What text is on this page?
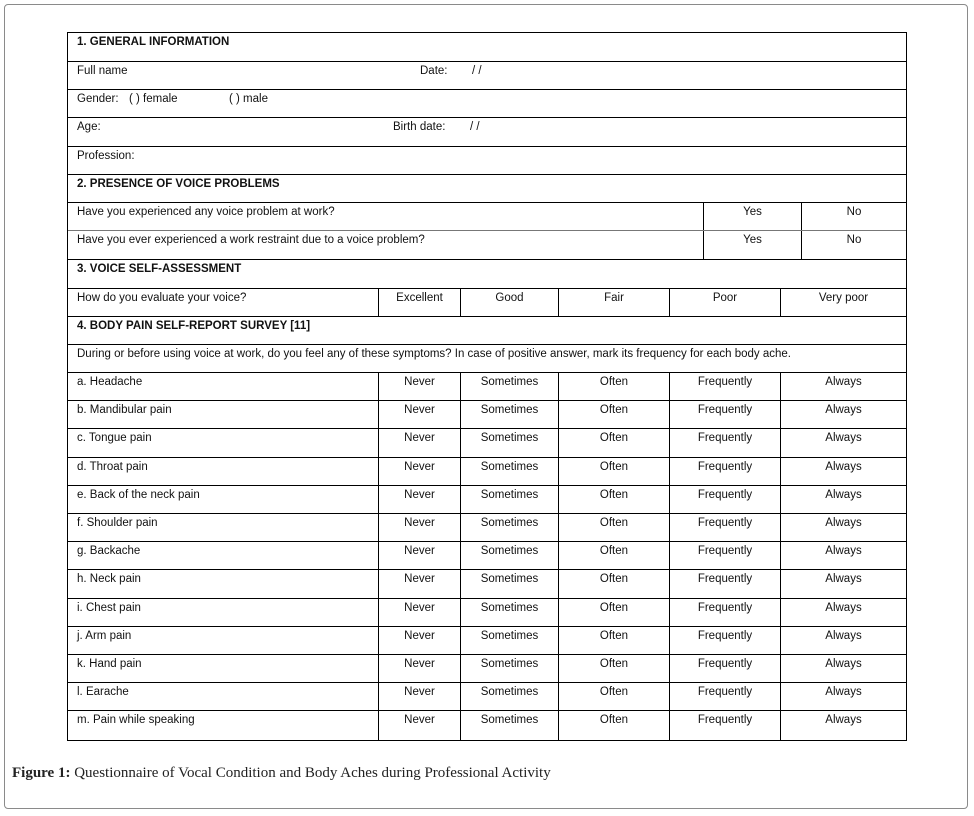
1. GENERAL INFORMATION
Full name	Date: / /
Gender: ( ) female	( ) male
Age:	Birth date: / /
Profession:
2. PRESENCE OF VOICE PROBLEMS
Have you experienced any voice problem at work?	Yes	No
Have you ever experienced a work restraint due to a voice problem?	Yes	No
3. VOICE SELF-ASSESSMENT
How do you evaluate your voice?	Excellent	Good	Fair	Poor	Very poor
4. BODY PAIN SELF-REPORT SURVEY [11]
During or before using voice at work, do you feel any of these symptoms? In case of positive answer, mark its frequency for each body ache.
a. Headache	Never	Sometimes	Often	Frequently	Always
b. Mandibular pain	Never	Sometimes	Often	Frequently	Always
c. Tongue pain	Never	Sometimes	Often	Frequently	Always
d. Throat pain	Never	Sometimes	Often	Frequently	Always
e. Back of the neck pain	Never	Sometimes	Often	Frequently	Always
f. Shoulder pain	Never	Sometimes	Often	Frequently	Always
g. Backache	Never	Sometimes	Often	Frequently	Always
h. Neck pain	Never	Sometimes	Often	Frequently	Always
i. Chest pain	Never	Sometimes	Often	Frequently	Always
j. Arm pain	Never	Sometimes	Often	Frequently	Always
k. Hand pain	Never	Sometimes	Often	Frequently	Always
l. Earache	Never	Sometimes	Often	Frequently	Always
m. Pain while speaking	Never	Sometimes	Often	Frequently	Always
Figure 1: Questionnaire of Vocal Condition and Body Aches during Professional Activity
